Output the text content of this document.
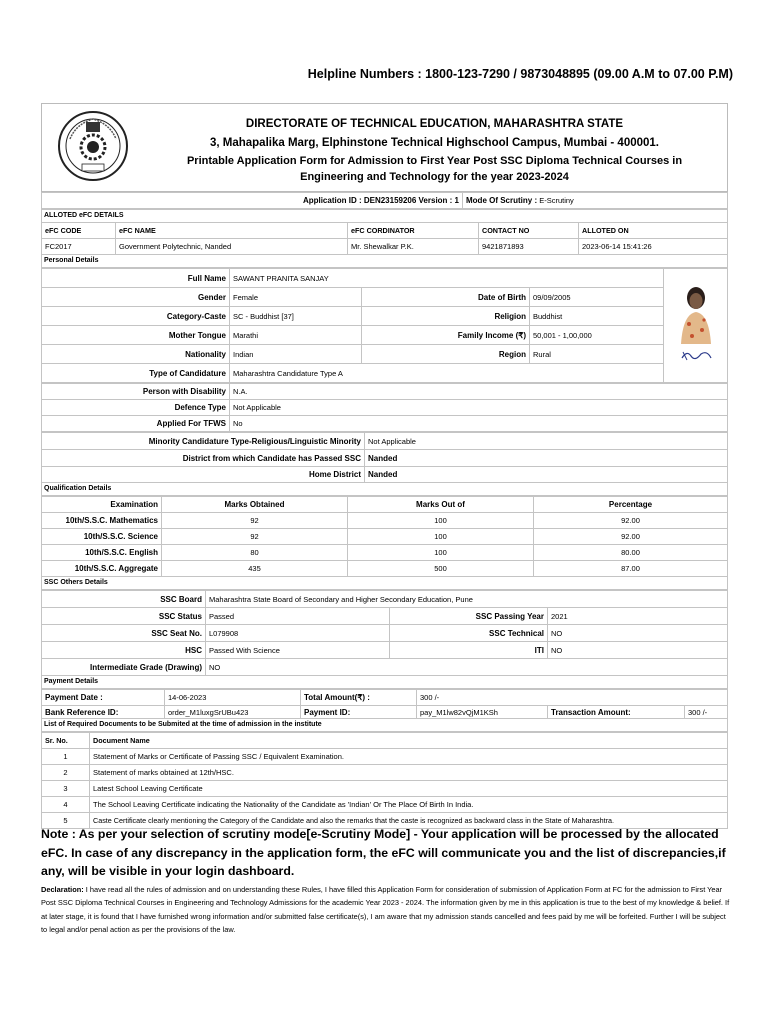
Helpline Numbers : 1800-123-7290 / 9873048895 (09.00 A.M to 07.00 P.M)
DIRECTORATE OF TECHNICAL EDUCATION, MAHARASHTRA STATE
3, Mahapalika Marg, Elphinstone Technical Highschool Campus, Mumbai - 400001.
Printable Application Form for Admission to First Year Post SSC Diploma Technical Courses in
Engineering and Technology for the year 2023-2024
Application ID : DEN23159206 Version : 1	Mode Of Scrutiny : E-Scrutiny
ALLOTED eFC DETAILS				
eFC CODE	eFC NAME	eFC CORDINATOR	CONTACT NO	ALLOTED ON
FC2017	Government Polytechnic, Nanded	Mr. Shewalkar P.K.	9421871893	2023-06-14 15:41:26
Personal Details				
Full Name	SAWANT PRANITA SANJAY	
Gender	Female	Date of Birth	09/09/2005	
Category-Caste	SC - Buddhist [37]	Religion	Buddhist	
Mother Tongue	Marathi	Family Income (₹)	50,001 - 1,00,000	
Nationality	Indian	Region	Rural	
Type of Candidature	Maharashtra Candidature Type A			
Person with Disability	N.A.
Defence Type	Not Applicable
Applied For TFWS	No
Minority Candidature Type-Religious/Linguistic Minority	Not Applicable
District from which Candidate has Passed SSC	Nanded
Home District	Nanded
Qualification Details	
Examination	Marks Obtained	Marks Out of	Percentage
10th/S.S.C. Mathematics	92	100	92.00
10th/S.S.C. Science	92	100	92.00
10th/S.S.C. English	80	100	80.00
10th/S.S.C. Aggregate	435	500	87.00
SSC Others Details			
SSC Board	Maharashtra State Board of Secondary and Higher Secondary Education, Pune		
SSC Status	Passed	SSC Passing Year	2021
SSC Seat No.	L079908	SSC Technical	NO
HSC	Passed With Science	ITI	NO
Intermediate Grade (Drawing)	NO		
Payment Details			
Payment Date :	14-06-2023	Total Amount(₹) :	300 /-		
Bank Reference ID:	order_M1luxgSrUBu423	Payment ID:	pay_M1lw82vQjM1KSh	Transaction Amount:	300 /-
List of Required Documents to be Submited at the time of admission in the institute					
Sr. No.	Document Name
1	Statement of Marks or Certificate of Passing SSC / Equivalent Examination.
2	Statement of marks obtained at 12th/HSC.
3	Latest School Leaving Certificate
4	The School Leaving Certificate indicating the Nationality of the Candidate as 'Indian' Or The Place Of Birth In India.
5	Caste Certificate clearly mentioning the Category of the Candidate and also the remarks that the caste is recognized as backward class in the State of Maharashtra.
Note : As per your selection of scrutiny mode[e-Scrutiny Mode] - Your application will be processed by the allocated eFC. In case of any discrepancy in the application form, the eFC will communicate you and the list of discrepancies,if any, will be visible in your login dashboard.
Declaration: I have read all the rules of admission and on understanding these Rules, I have filled this Application Form for consideration of submission of Application Form at FC for the admission to First Year Post SSC Diploma Technical Courses in Engineering and Technology Admissions for the academic Year 2023 - 2024. The information given by me in this application is true to the best of my knowledge & belief. If at later stage, it is found that I have furnished wrong information and/or submitted false certificate(s), I am aware that my admission stands cancelled and fees paid by me will be forfeited. Further I will be subject to legal and/or penal action as per the provisions of the law.
